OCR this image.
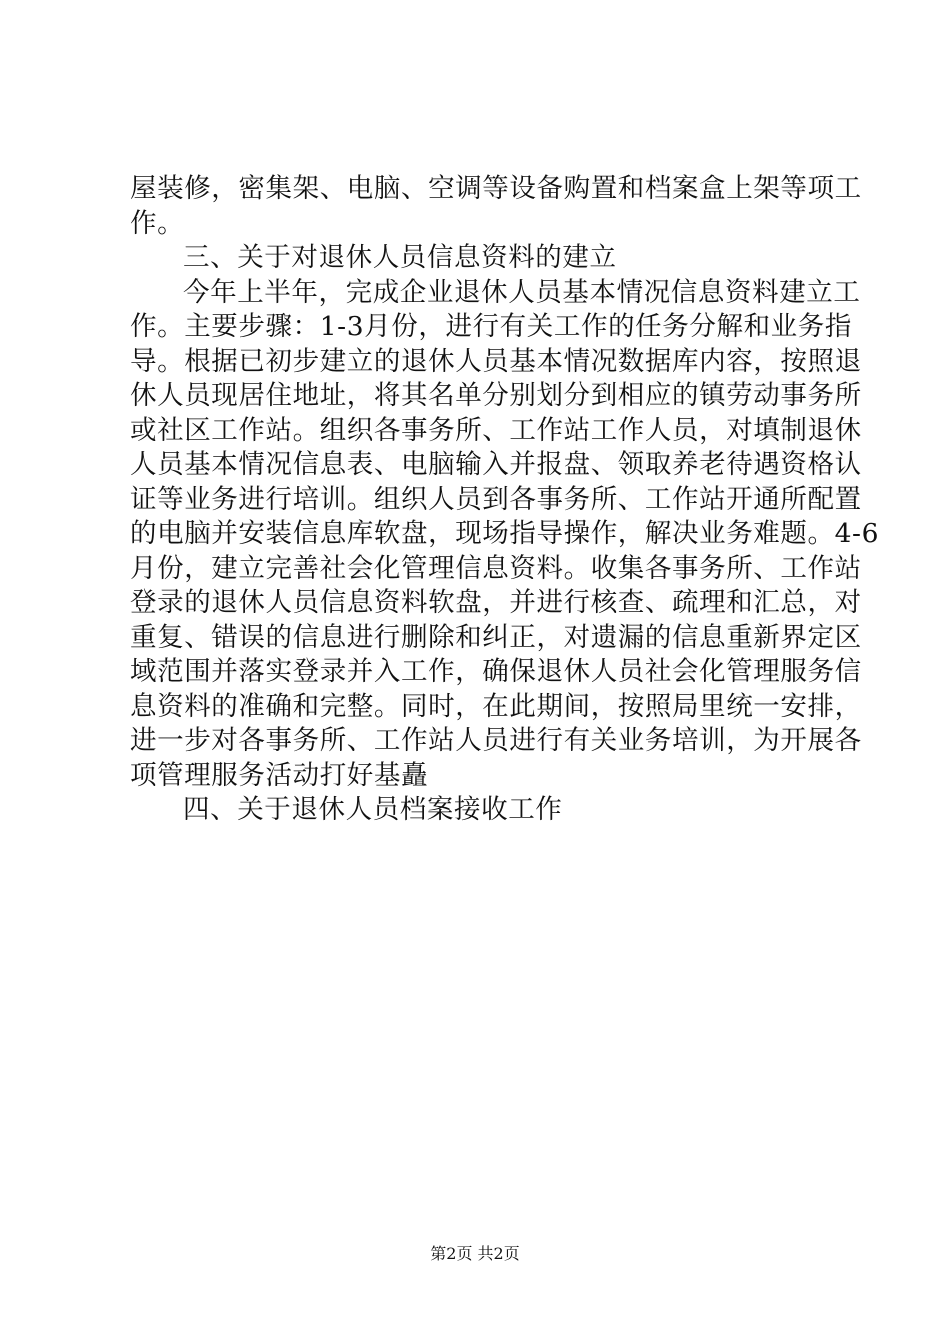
屋装修，密集架、电脑、空调等设备购置和档案盒上架等项工
作。
三、关于对退休人员信息资料的建立
今年上半年，完成企业退休人员基本情况信息资料建立工
作。主要步骤：1-3月份，进行有关工作的任务分解和业务指
导。根据已初步建立的退休人员基本情况数据库内容，按照退
休人员现居住地址，将其名单分别划分到相应的镇劳动事务所
或社区工作站。组织各事务所、工作站工作人员，对填制退休
人员基本情况信息表、电脑输入并报盘、领取养老待遇资格认
证等业务进行培训。组织人员到各事务所、工作站开通所配置
的电脑并安装信息库软盘，现场指导操作，解决业务难题。4-6
月份，建立完善社会化管理信息资料。收集各事务所、工作站
登录的退休人员信息资料软盘，并进行核查、疏理和汇总，对
重复、错误的信息进行删除和纠正，对遗漏的信息重新界定区
域范围并落实登录并入工作，确保退休人员社会化管理服务信
息资料的准确和完整。同时，在此期间，按照局里统一安排，
进一步对各事务所、工作站人员进行有关业务培训，为开展各
项管理服务活动打好基矗
四、关于退休人员档案接收工作
第2页 共2页
